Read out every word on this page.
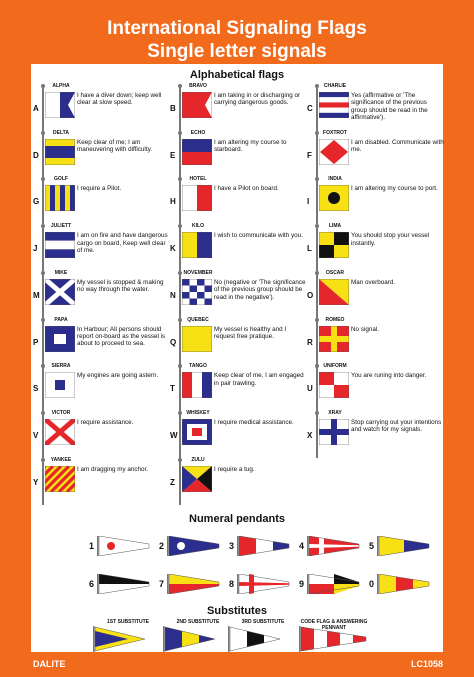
International Signaling Flags
Single letter signals
Alphabetical flags
A
ALPHA
I have a diver down; keep well clear at slow speed.
B
BRAVO
I am taking in or discharging or carrying dangerous goods.
C
CHARLIE
Yes (affirmative or 'The significance of the previous group should be read in the affirmative').
D
DELTA
Keep clear of me; I am maneuvering with difficulty.
E
ECHO
I am altering my course to starboard.
F
FOXTROT
I am disabled. Communicate with me.
G
GOLF
I require a Pilot.
H
HOTEL
I have a Pilot on board.
I
INDIA
I am altering my course to port.
J
JULIETT
I am on fire and have dangerous cargo on board, Keep well clear of me.	K
KILO
I wish to communicate with you.
L
LIMA
You should stop your vessel instantly.
M
MIKE
My vessel is stopped & making no way through the water.
N
NOVEMBER
No (negative or 'The significance of the previous group should be read in the negative').	O
OSCAR
Man overboard.
P
PAPA
In Harbour; All persons should report on-board as the vessel is about to proceed to sea.	Q
QUEBEC
My vessel is healthy and I request free pratique.
R
ROMEO
No signal.
S
SIERRA
My engines are going astern.
T
TANGO
Keep clear of me, I am engaged in pair trawling.
U
UNIFORM
You are runing into danger.
V
VICTOR
I require assistance.
W
WHISKEY
I require medical assistance.
X
XRAY
Stop carrying out your intentions and watch for my signals.
Y
YANKEE
I am dragging my anchor.
Z
ZULU
I require a tug.
Numeral pendants
1	2	3	4	5
6	7	8	9	0
Substitutes
1ST SUBSTITUTE	2ND SUBSTITUTE	3RD SUBSTITUTE	CODE FLAG & ANSWERING PENNANT
DALITE	LC1058
